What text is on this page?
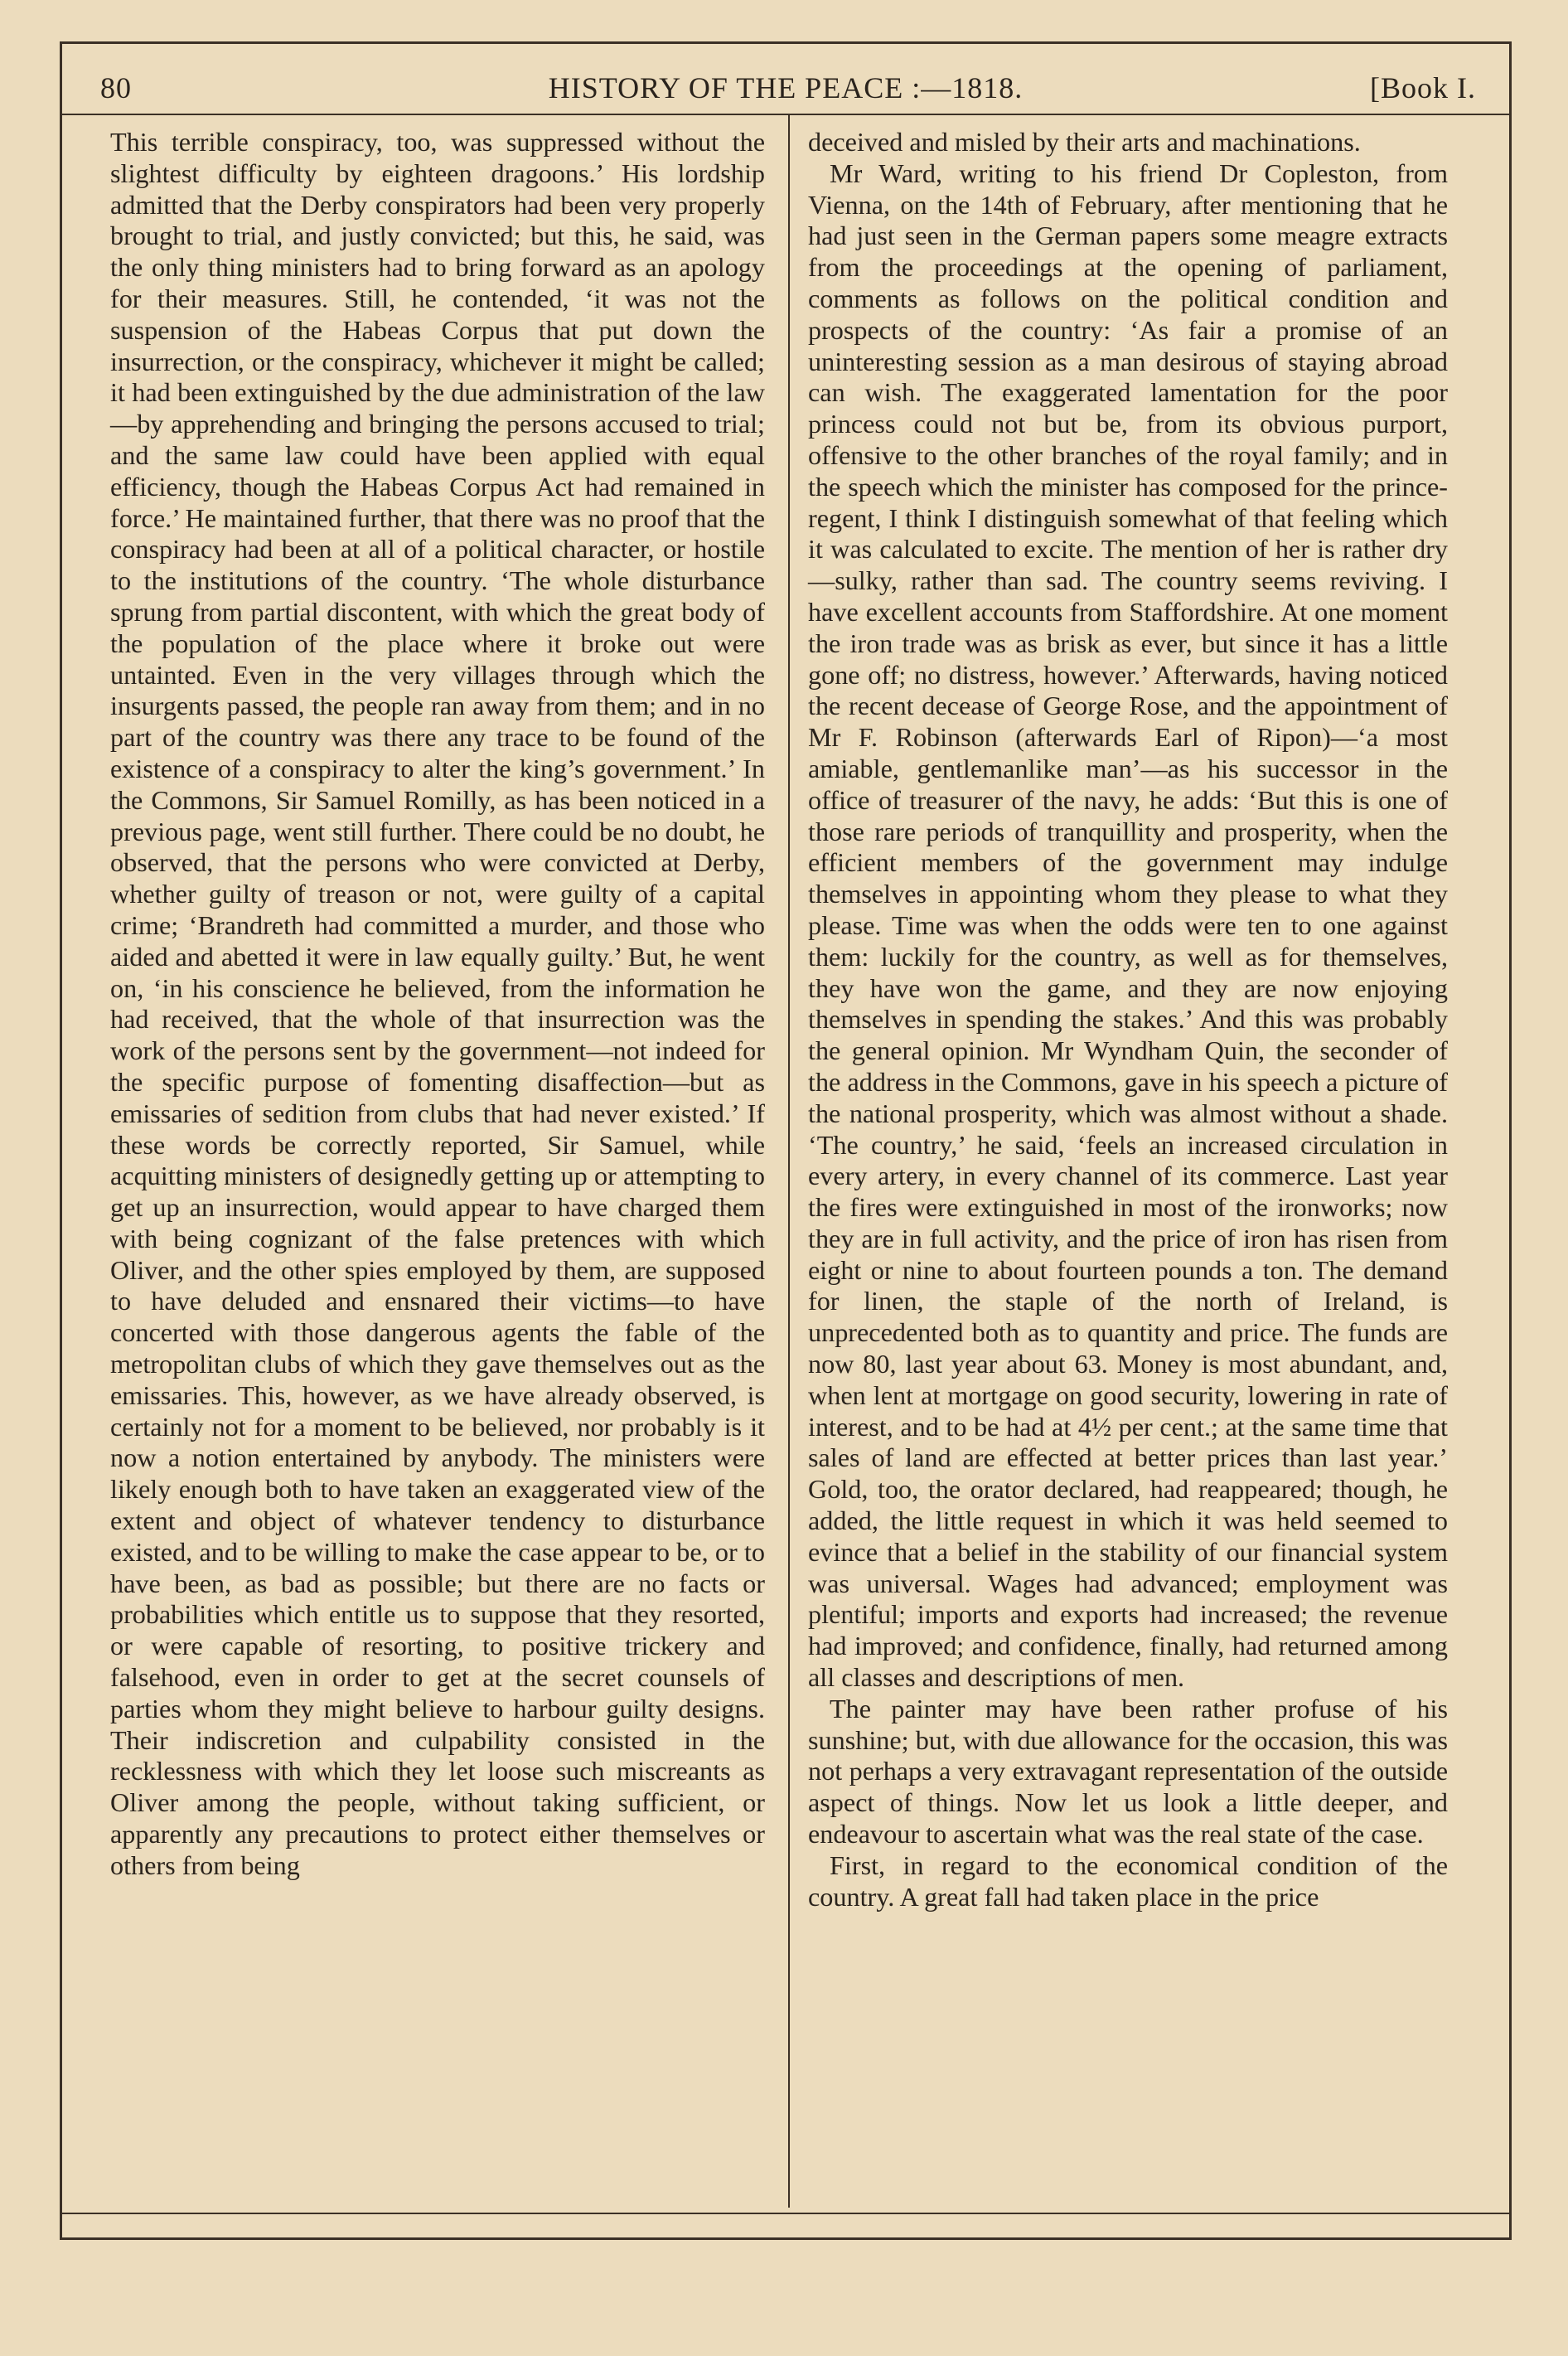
80	HISTORY OF THE PEACE :—1818.	[Book I.

This terrible conspiracy, too, was suppressed without the slightest difficulty by eighteen dragoons.’ His lordship admitted that the Derby conspirators had been very properly brought to trial, and justly convicted; but this, he said, was the only thing ministers had to bring forward as an apology for their measures. Still, he contended, ‘it was not the suspension of the Habeas Corpus that put down the insurrection, or the conspiracy, whichever it might be called; it had been extinguished by the due administration of the law—by apprehending and bringing the persons accused to trial; and the same law could have been applied with equal efficiency, though the Habeas Corpus Act had remained in force.’ He maintained further, that there was no proof that the conspiracy had been at all of a political character, or hostile to the institutions of the country. ‘The whole disturbance sprung from partial discontent, with which the great body of the population of the place where it broke out were untainted. Even in the very villages through which the insurgents passed, the people ran away from them; and in no part of the country was there any trace to be found of the existence of a conspiracy to alter the king’s government.’ In the Commons, Sir Samuel Romilly, as has been noticed in a previous page, went still further. There could be no doubt, he observed, that the persons who were convicted at Derby, whether guilty of treason or not, were guilty of a capital crime; ‘Brandreth had committed a murder, and those who aided and abetted it were in law equally guilty.’ But, he went on, ‘in his conscience he believed, from the information he had received, that the whole of that insurrection was the work of the persons sent by the government—not indeed for the specific purpose of fomenting disaffection—but as emissaries of sedition from clubs that had never existed.’ If these words be correctly reported, Sir Samuel, while acquitting ministers of designedly getting up or attempting to get up an insurrection, would appear to have charged them with being cognizant of the false pretences with which Oliver, and the other spies employed by them, are supposed to have deluded and ensnared their victims—to have concerted with those dangerous agents the fable of the metropolitan clubs of which they gave themselves out as the emissaries. This, however, as we have already observed, is certainly not for a moment to be believed, nor probably is it now a notion entertained by anybody. The ministers were likely enough both to have taken an exaggerated view of the extent and object of whatever tendency to disturbance existed, and to be willing to make the case appear to be, or to have been, as bad as possible; but there are no facts or probabilities which entitle us to suppose that they resorted, or were capable of resorting, to positive trickery and falsehood, even in order to get at the secret counsels of parties whom they might believe to harbour guilty designs. Their indiscretion and culpability consisted in the recklessness with which they let loose such miscreants as Oliver among the people, without taking sufficient, or apparently any precautions to protect either themselves or others from being

deceived and misled by their arts and machinations.

Mr Ward, writing to his friend Dr Copleston, from Vienna, on the 14th of February, after mentioning that he had just seen in the German papers some meagre extracts from the proceedings at the opening of parliament, comments as follows on the political condition and prospects of the country: ‘As fair a promise of an uninteresting session as a man desirous of staying abroad can wish. The exaggerated lamentation for the poor princess could not but be, from its obvious purport, offensive to the other branches of the royal family; and in the speech which the minister has composed for the prince-regent, I think I distinguish somewhat of that feeling which it was calculated to excite. The mention of her is rather dry—sulky, rather than sad. The country seems reviving. I have excellent accounts from Staffordshire. At one moment the iron trade was as brisk as ever, but since it has a little gone off; no distress, however.’ Afterwards, having noticed the recent decease of George Rose, and the appointment of Mr F. Robinson (afterwards Earl of Ripon)—‘a most amiable, gentlemanlike man’—as his successor in the office of treasurer of the navy, he adds: ‘But this is one of those rare periods of tranquillity and prosperity, when the efficient members of the government may indulge themselves in appointing whom they please to what they please. Time was when the odds were ten to one against them: luckily for the country, as well as for themselves, they have won the game, and they are now enjoying themselves in spending the stakes.’ And this was probably the general opinion. Mr Wyndham Quin, the seconder of the address in the Commons, gave in his speech a picture of the national prosperity, which was almost without a shade. ‘The country,’ he said, ‘feels an increased circulation in every artery, in every channel of its commerce. Last year the fires were extinguished in most of the ironworks; now they are in full activity, and the price of iron has risen from eight or nine to about fourteen pounds a ton. The demand for linen, the staple of the north of Ireland, is unprecedented both as to quantity and price. The funds are now 80, last year about 63. Money is most abundant, and, when lent at mortgage on good security, lowering in rate of interest, and to be had at 4½ per cent.; at the same time that sales of land are effected at better prices than last year.’ Gold, too, the orator declared, had reappeared; though, he added, the little request in which it was held seemed to evince that a belief in the stability of our financial system was universal. Wages had advanced; employment was plentiful; imports and exports had increased; the revenue had improved; and confidence, finally, had returned among all classes and descriptions of men.

The painter may have been rather profuse of his sunshine; but, with due allowance for the occasion, this was not perhaps a very extravagant representation of the outside aspect of things. Now let us look a little deeper, and endeavour to ascertain what was the real state of the case.

First, in regard to the economical condition of the country. A great fall had taken place in the price
